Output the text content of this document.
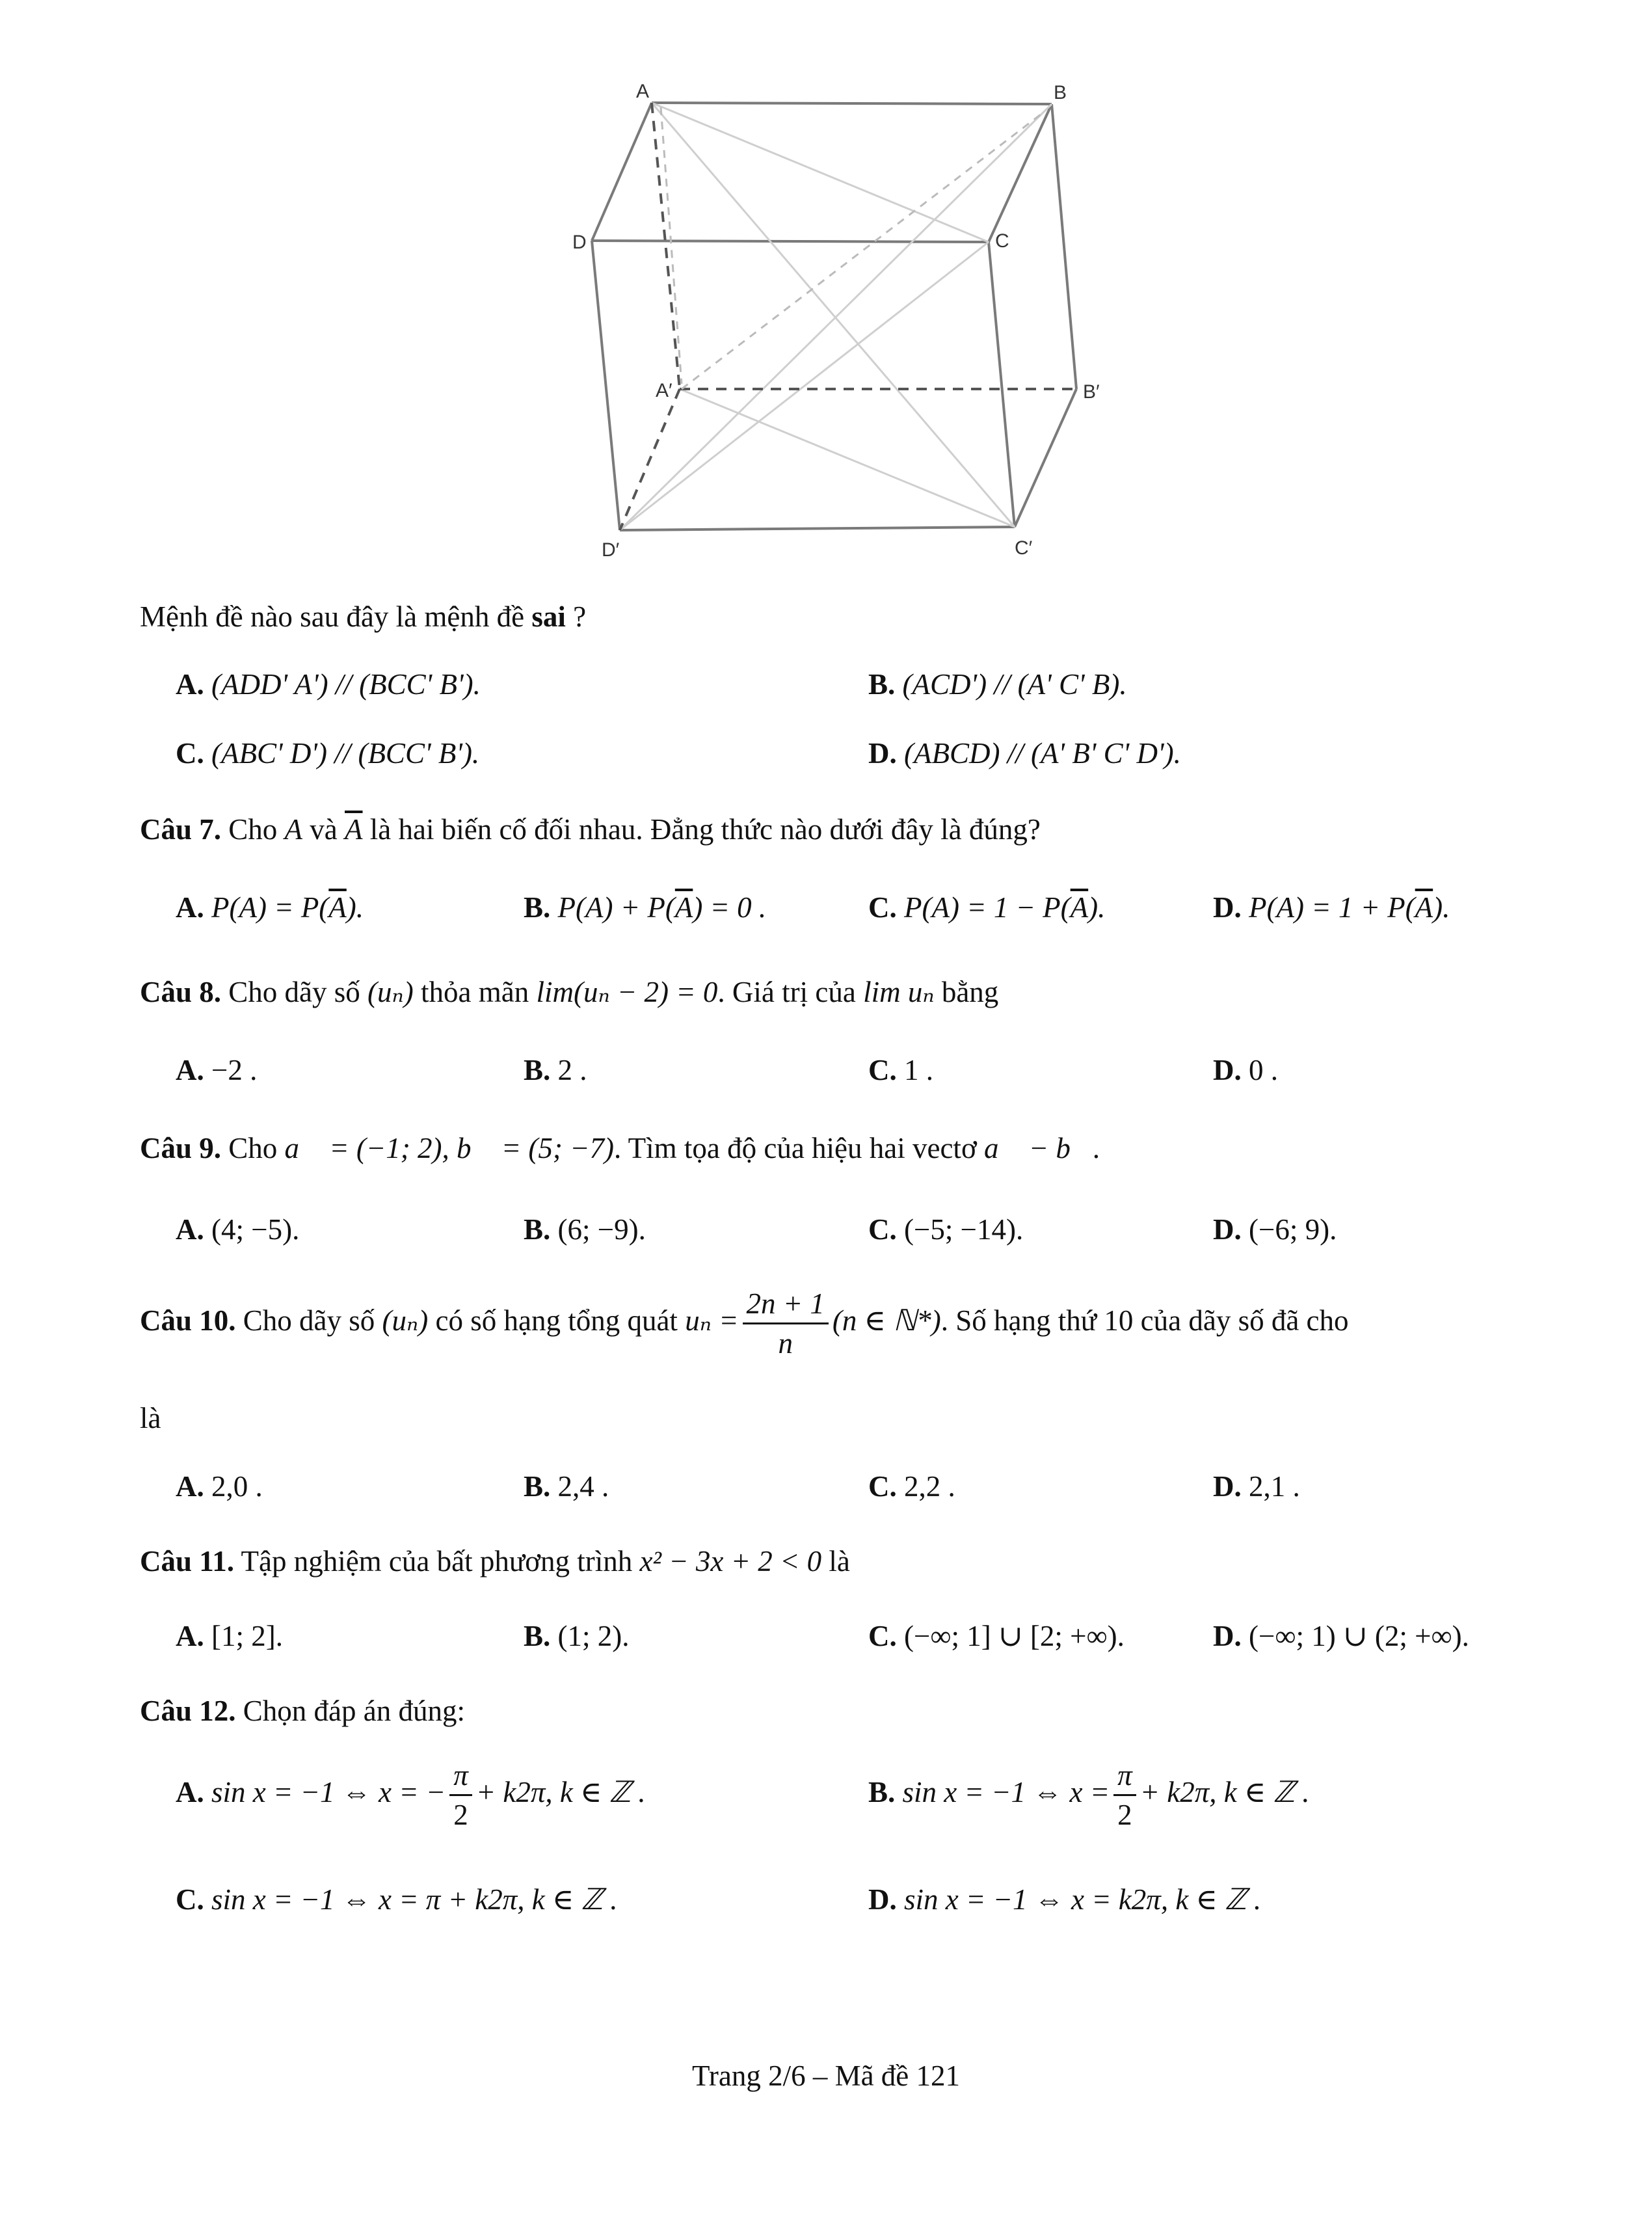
A	B
C
D
A′	B′
C′
D′
Mệnh đề nào sau đây là mệnh đề sai ?
A. (ADD' A') // (BCC' B').	B. (ACD') // (A' C' B).
C. (ABC' D') // (BCC' B').	D. (ABCD) // (A' B' C' D').
Câu 7. Cho A và $\overline{A}$ là hai biến cố đối nhau. Đẳng thức nào dưới đây là đúng?
A. $P(A) = P(\overline{A})$.	B. $P(A) + P(\overline{A}) = 0$ .	C. $P(A) = 1 - P(\overline{A})$.	D. $P(A) = 1 + P(\overline{A})$.
Câu 8. Cho dãy số (uₙ) thỏa mãn lim(uₙ − 2) = 0. Giá trị của lim uₙ bằng
A. −2 .	B. 2 .	C. 1 .	D. 0 .
Câu 9. Cho a⃗ = (−1; 2), b⃗ = (5; −7). Tìm tọa độ của hiệu hai vectơ a⃗ − b⃗.
A. (4; −5).	B. (6; −9).	C. (−5; −14).	D. (−6; 9).
Câu 10. Cho dãy số (uₙ) có số hạng tổng quát $u_n = \frac{2n + 1}{n} (n$ ∈ ℕ*). Số hạng thứ 10 của dãy số đã cho
là
A. 2,0 .	B. 2,4 .	C. 2,2 .	D. 2,1 .
Câu 11. Tập nghiệm của bất phương trình x² − 3x + 2 < 0 là
A. [1; 2].	B. (1; 2).	C. (−∞; 1] ∪ [2; +∞).	D. (−∞; 1) ∪ (2; +∞).
Câu 12. Chọn đáp án đúng:
A. sin x = −1 ⇔ x = − $\frac{\pi}{2} + k2\pi$, k ∈ ℤ .	B. sin x = −1 ⇔ $x = \frac{\pi}{2} + k2\pi$, k ∈ ℤ .
C. sin x = −1 ⇔ x = π + k2π, k ∈ ℤ .	D. sin x = −1 ⇔ x = k2π, k ∈ ℤ .
Trang 2/6 – Mã đề 121
